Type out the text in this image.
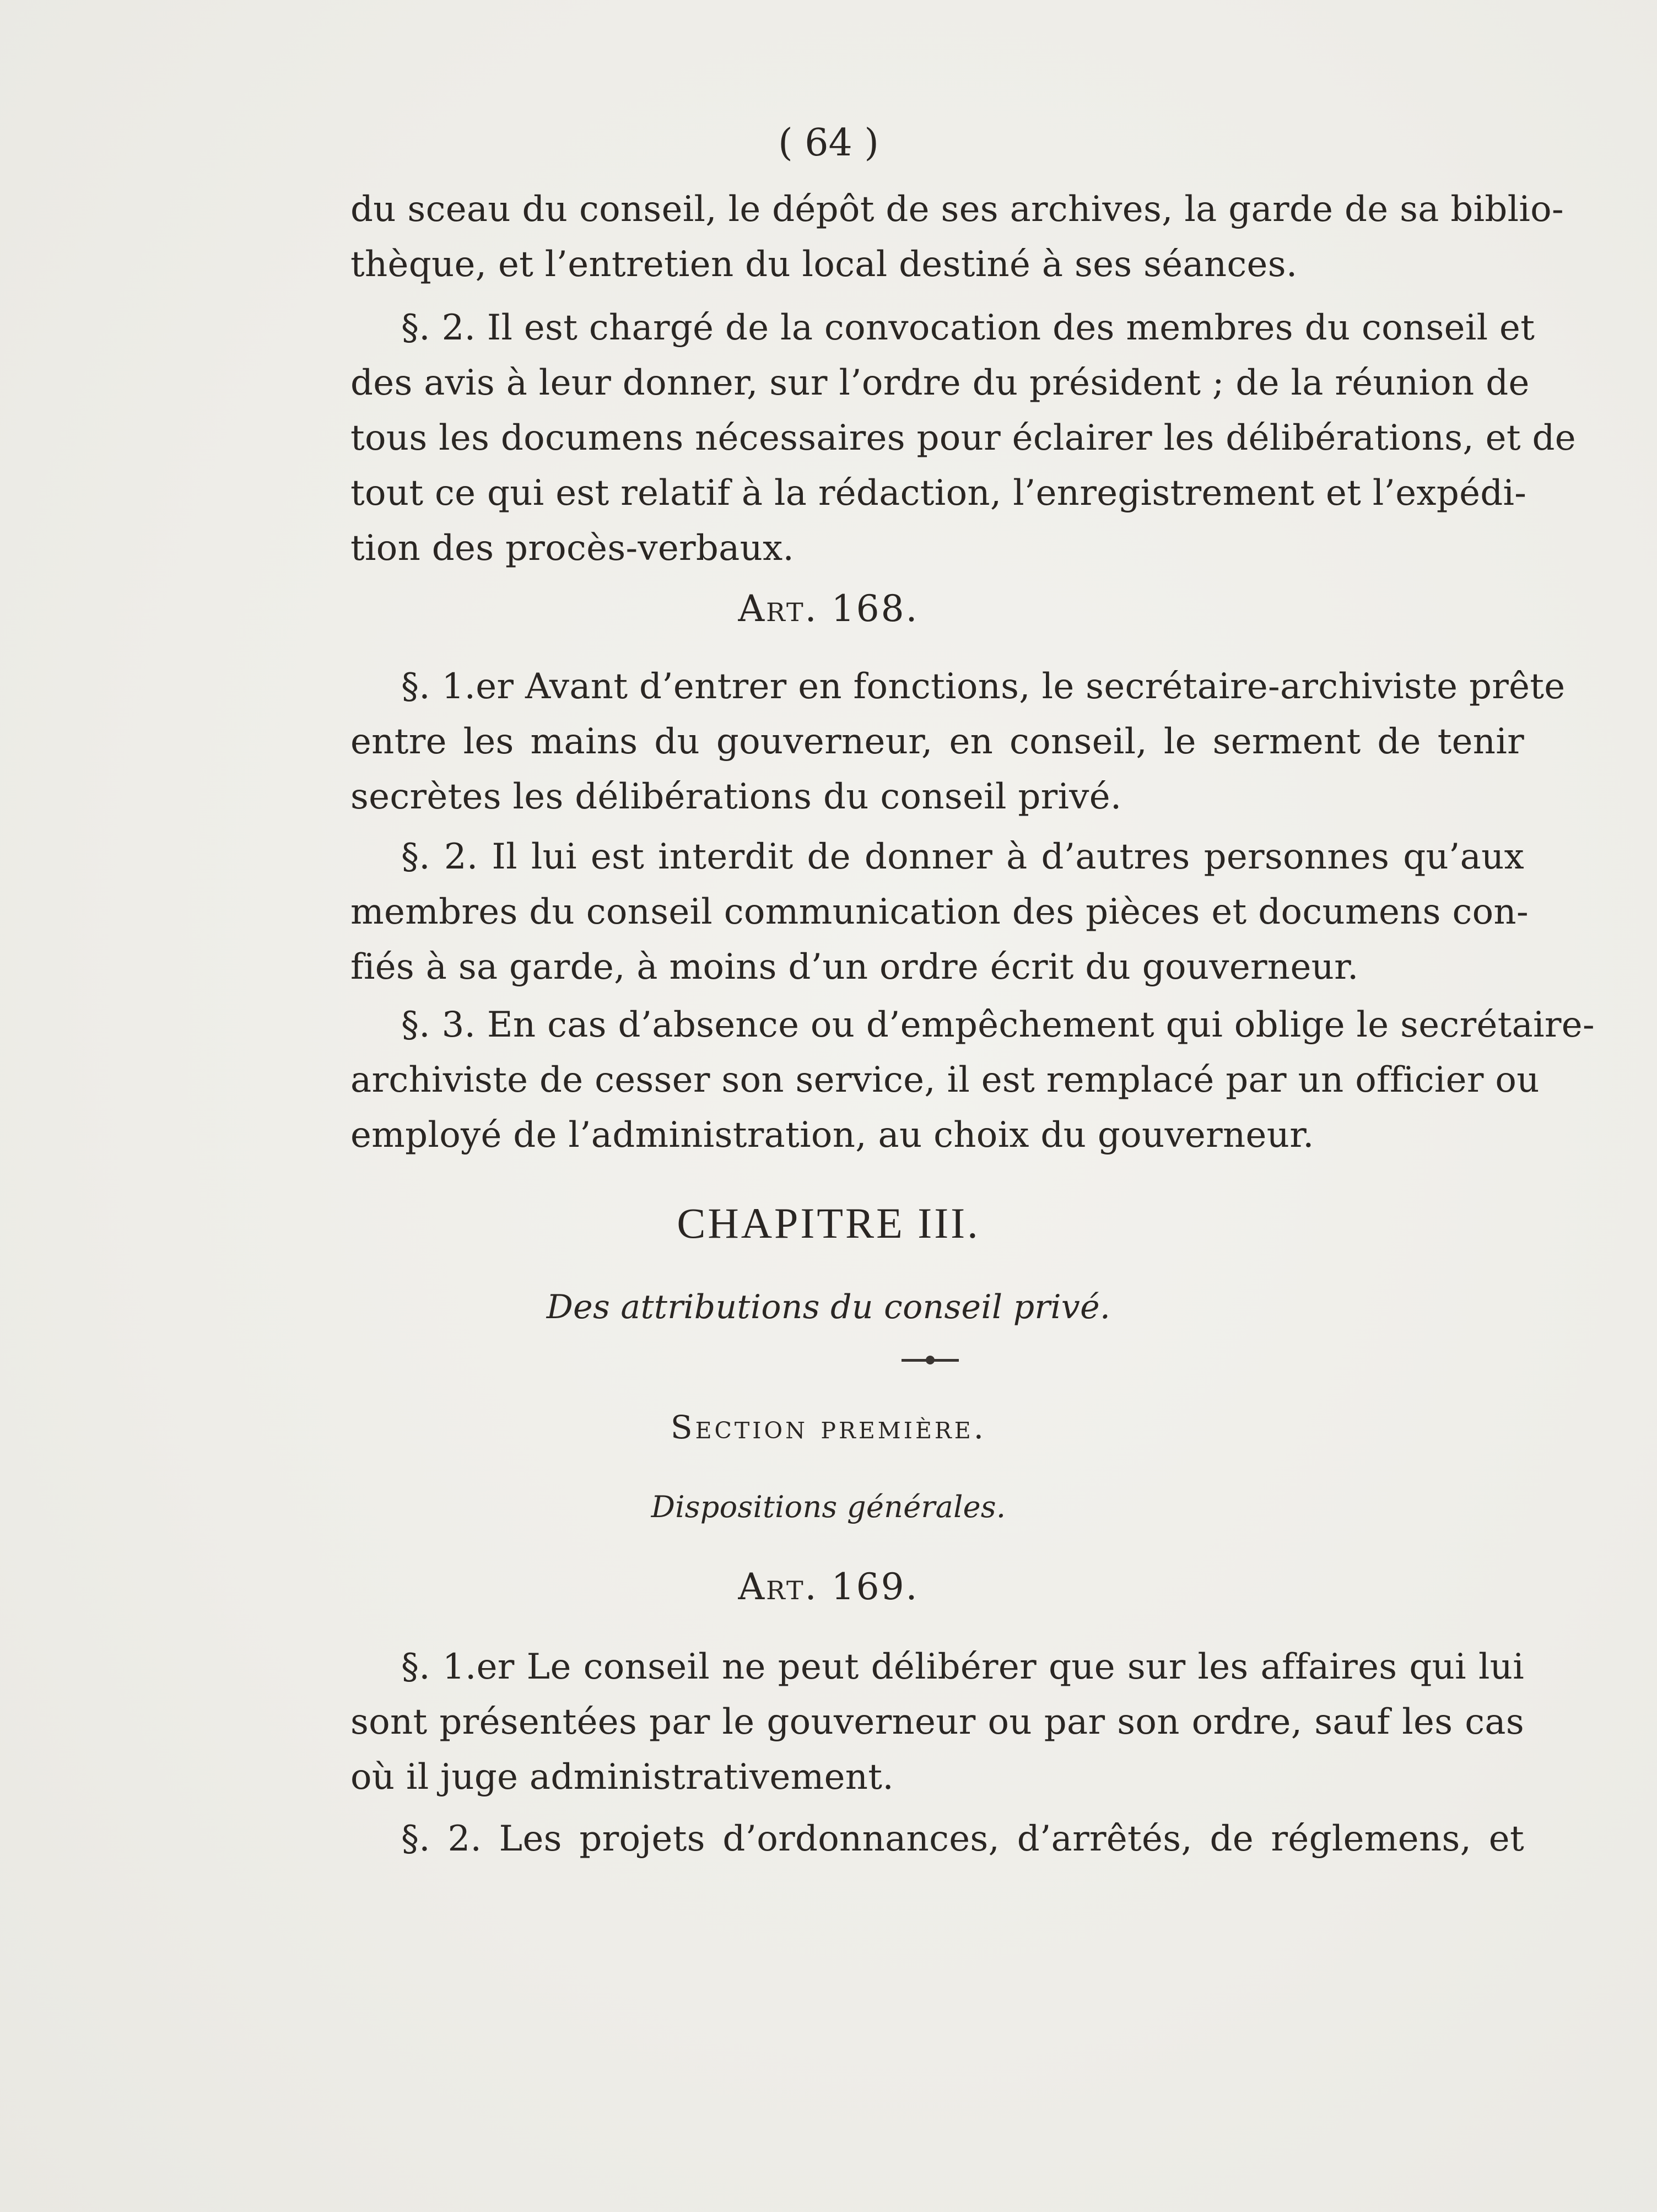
( 64 )
du sceau du conseil, le dépôt de ses archives, la garde de sa biblio-
thèque, et l’entretien du local destiné à ses séances.
§. 2. Il est chargé de la convocation des membres du conseil et
des avis à leur donner, sur l’ordre du président ; de la réunion de
tous les documens nécessaires pour éclairer les délibérations, et de
tout ce qui est relatif à la rédaction, l’enregistrement et l’expédi-
tion des procès-verbaux.
Art. 168.
§. 1.er Avant d’entrer en fonctions, le secrétaire-archiviste prête
entre les mains du gouverneur, en conseil, le serment de tenir
secrètes les délibérations du conseil privé.
§. 2. Il lui est interdit de donner à d’autres personnes qu’aux
membres du conseil communication des pièces et documens con-
fiés à sa garde, à moins d’un ordre écrit du gouverneur.
§. 3. En cas d’absence ou d’empêchement qui oblige le secrétaire-
archiviste de cesser son service, il est remplacé par un officier ou
employé de l’administration, au choix du gouverneur.
CHAPITRE III.
Des attributions du conseil privé.
Section première.
Dispositions générales.
Art. 169.
§. 1.er Le conseil ne peut délibérer que sur les affaires qui lui
sont présentées par le gouverneur ou par son ordre, sauf les cas
où il juge administrativement.
§. 2. Les projets d’ordonnances, d’arrêtés, de réglemens, et
